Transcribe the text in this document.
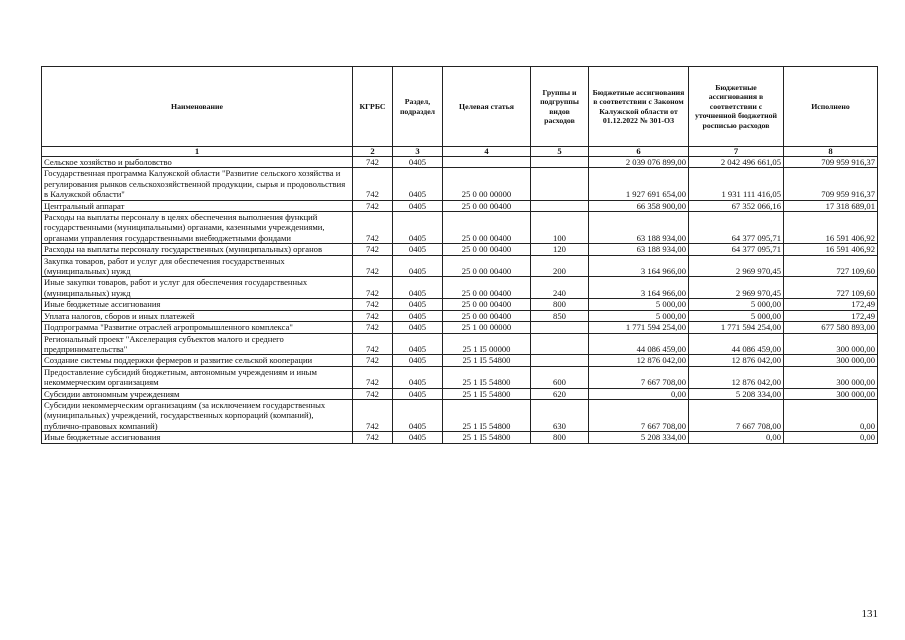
Наименование	КГРБС	Раздел, подраздел	Целевая статья	Группы и подгруппы видов расходов	Бюджетные ассигнования в соответствии с Законом Калужской области от 01.12.2022 № 301-ОЗ	Бюджетные ассигнования в соответствии с уточненной бюджетной росписью расходов	Исполнено
1	2	3	4	5	6	7	8
Сельское хозяйство и рыболовство	742	0405			2 039 076 899,00	2 042 496 661,05	709 959 916,37
Государственная программа Калужской области "Развитие сельского хозяйства и регулирования рынков сельскохозяйственной продукции, сырья и продовольствия в Калужской области"	742	0405	25 0 00 00000		1 927 691 654,00	1 931 111 416,05	709 959 916,37
Центральный аппарат	742	0405	25 0 00 00400		66 358 900,00	67 352 066,16	17 318 689,01
Расходы на выплаты персоналу в целях обеспечения выполнения функций государственными (муниципальными) органами, казенными учреждениями, органами управления государственными внебюджетными фондами	742	0405	25 0 00 00400	100	63 188 934,00	64 377 095,71	16 591 406,92
Расходы на выплаты персоналу государственных (муниципальных) органов	742	0405	25 0 00 00400	120	63 188 934,00	64 377 095,71	16 591 406,92
Закупка товаров, работ и услуг для обеспечения государственных (муниципальных) нужд	742	0405	25 0 00 00400	200	3 164 966,00	2 969 970,45	727 109,60
Иные закупки товаров, работ и услуг для обеспечения государственных (муниципальных) нужд	742	0405	25 0 00 00400	240	3 164 966,00	2 969 970,45	727 109,60
Иные бюджетные ассигнования	742	0405	25 0 00 00400	800	5 000,00	5 000,00	172,49
Уплата налогов, сборов и иных платежей	742	0405	25 0 00 00400	850	5 000,00	5 000,00	172,49
Подпрограмма "Развитие отраслей агропромышленного комплекса"	742	0405	25 1 00 00000		1 771 594 254,00	1 771 594 254,00	677 580 893,00
Региональный проект "Акселерация субъектов малого и среднего предпринимательства"	742	0405	25 1 I5 00000		44 086 459,00	44 086 459,00	300 000,00
Создание системы поддержки фермеров и развитие сельской кооперации	742	0405	25 1 I5 54800		12 876 042,00	12 876 042,00	300 000,00
Предоставление субсидий бюджетным, автономным учреждениям и иным некоммерческим организациям	742	0405	25 1 I5 54800	600	7 667 708,00	12 876 042,00	300 000,00
Субсидии автономным учреждениям	742	0405	25 1 I5 54800	620	0,00	5 208 334,00	300 000,00
Субсидии некоммерческим организациям (за исключением государственных (муниципальных) учреждений, государственных корпораций (компаний), публично-правовых компаний)	742	0405	25 1 I5 54800	630	7 667 708,00	7 667 708,00	0,00
Иные бюджетные ассигнования	742	0405	25 1 I5 54800	800	5 208 334,00	0,00	0,00
131
